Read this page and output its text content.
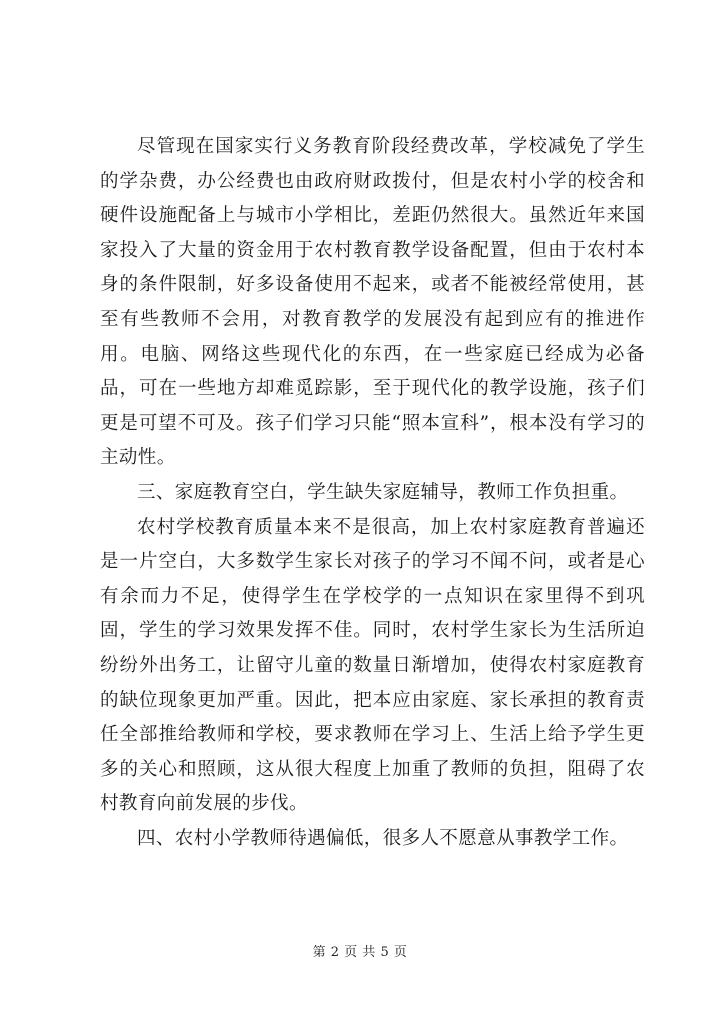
尽管现在国家实行义务教育阶段经费改革，学校减免了学生的学杂费，办公经费也由政府财政拨付，但是农村小学的校舍和硬件设施配备上与城市小学相比，差距仍然很大。虽然近年来国家投入了大量的资金用于农村教育教学设备配置，但由于农村本身的条件限制，好多设备使用不起来，或者不能被经常使用，甚至有些教师不会用，对教育教学的发展没有起到应有的推进作用。电脑、网络这些现代化的东西，在一些家庭已经成为必备品，可在一些地方却难觅踪影，至于现代化的教学设施，孩子们更是可望不可及。孩子们学习只能“照本宣科”，根本没有学习的主动性。

三、家庭教育空白，学生缺失家庭辅导，教师工作负担重。

农村学校教育质量本来不是很高，加上农村家庭教育普遍还是一片空白，大多数学生家长对孩子的学习不闻不问，或者是心有余而力不足，使得学生在学校学的一点知识在家里得不到巩固，学生的学习效果发挥不佳。同时，农村学生家长为生活所迫纷纷外出务工，让留守儿童的数量日渐增加，使得农村家庭教育的缺位现象更加严重。因此，把本应由家庭、家长承担的教育责任全部推给教师和学校，要求教师在学习上、生活上给予学生更多的关心和照顾，这从很大程度上加重了教师的负担，阻碍了农村教育向前发展的步伐。

四、农村小学教师待遇偏低，很多人不愿意从事教学工作。

第 2 页 共 5 页
